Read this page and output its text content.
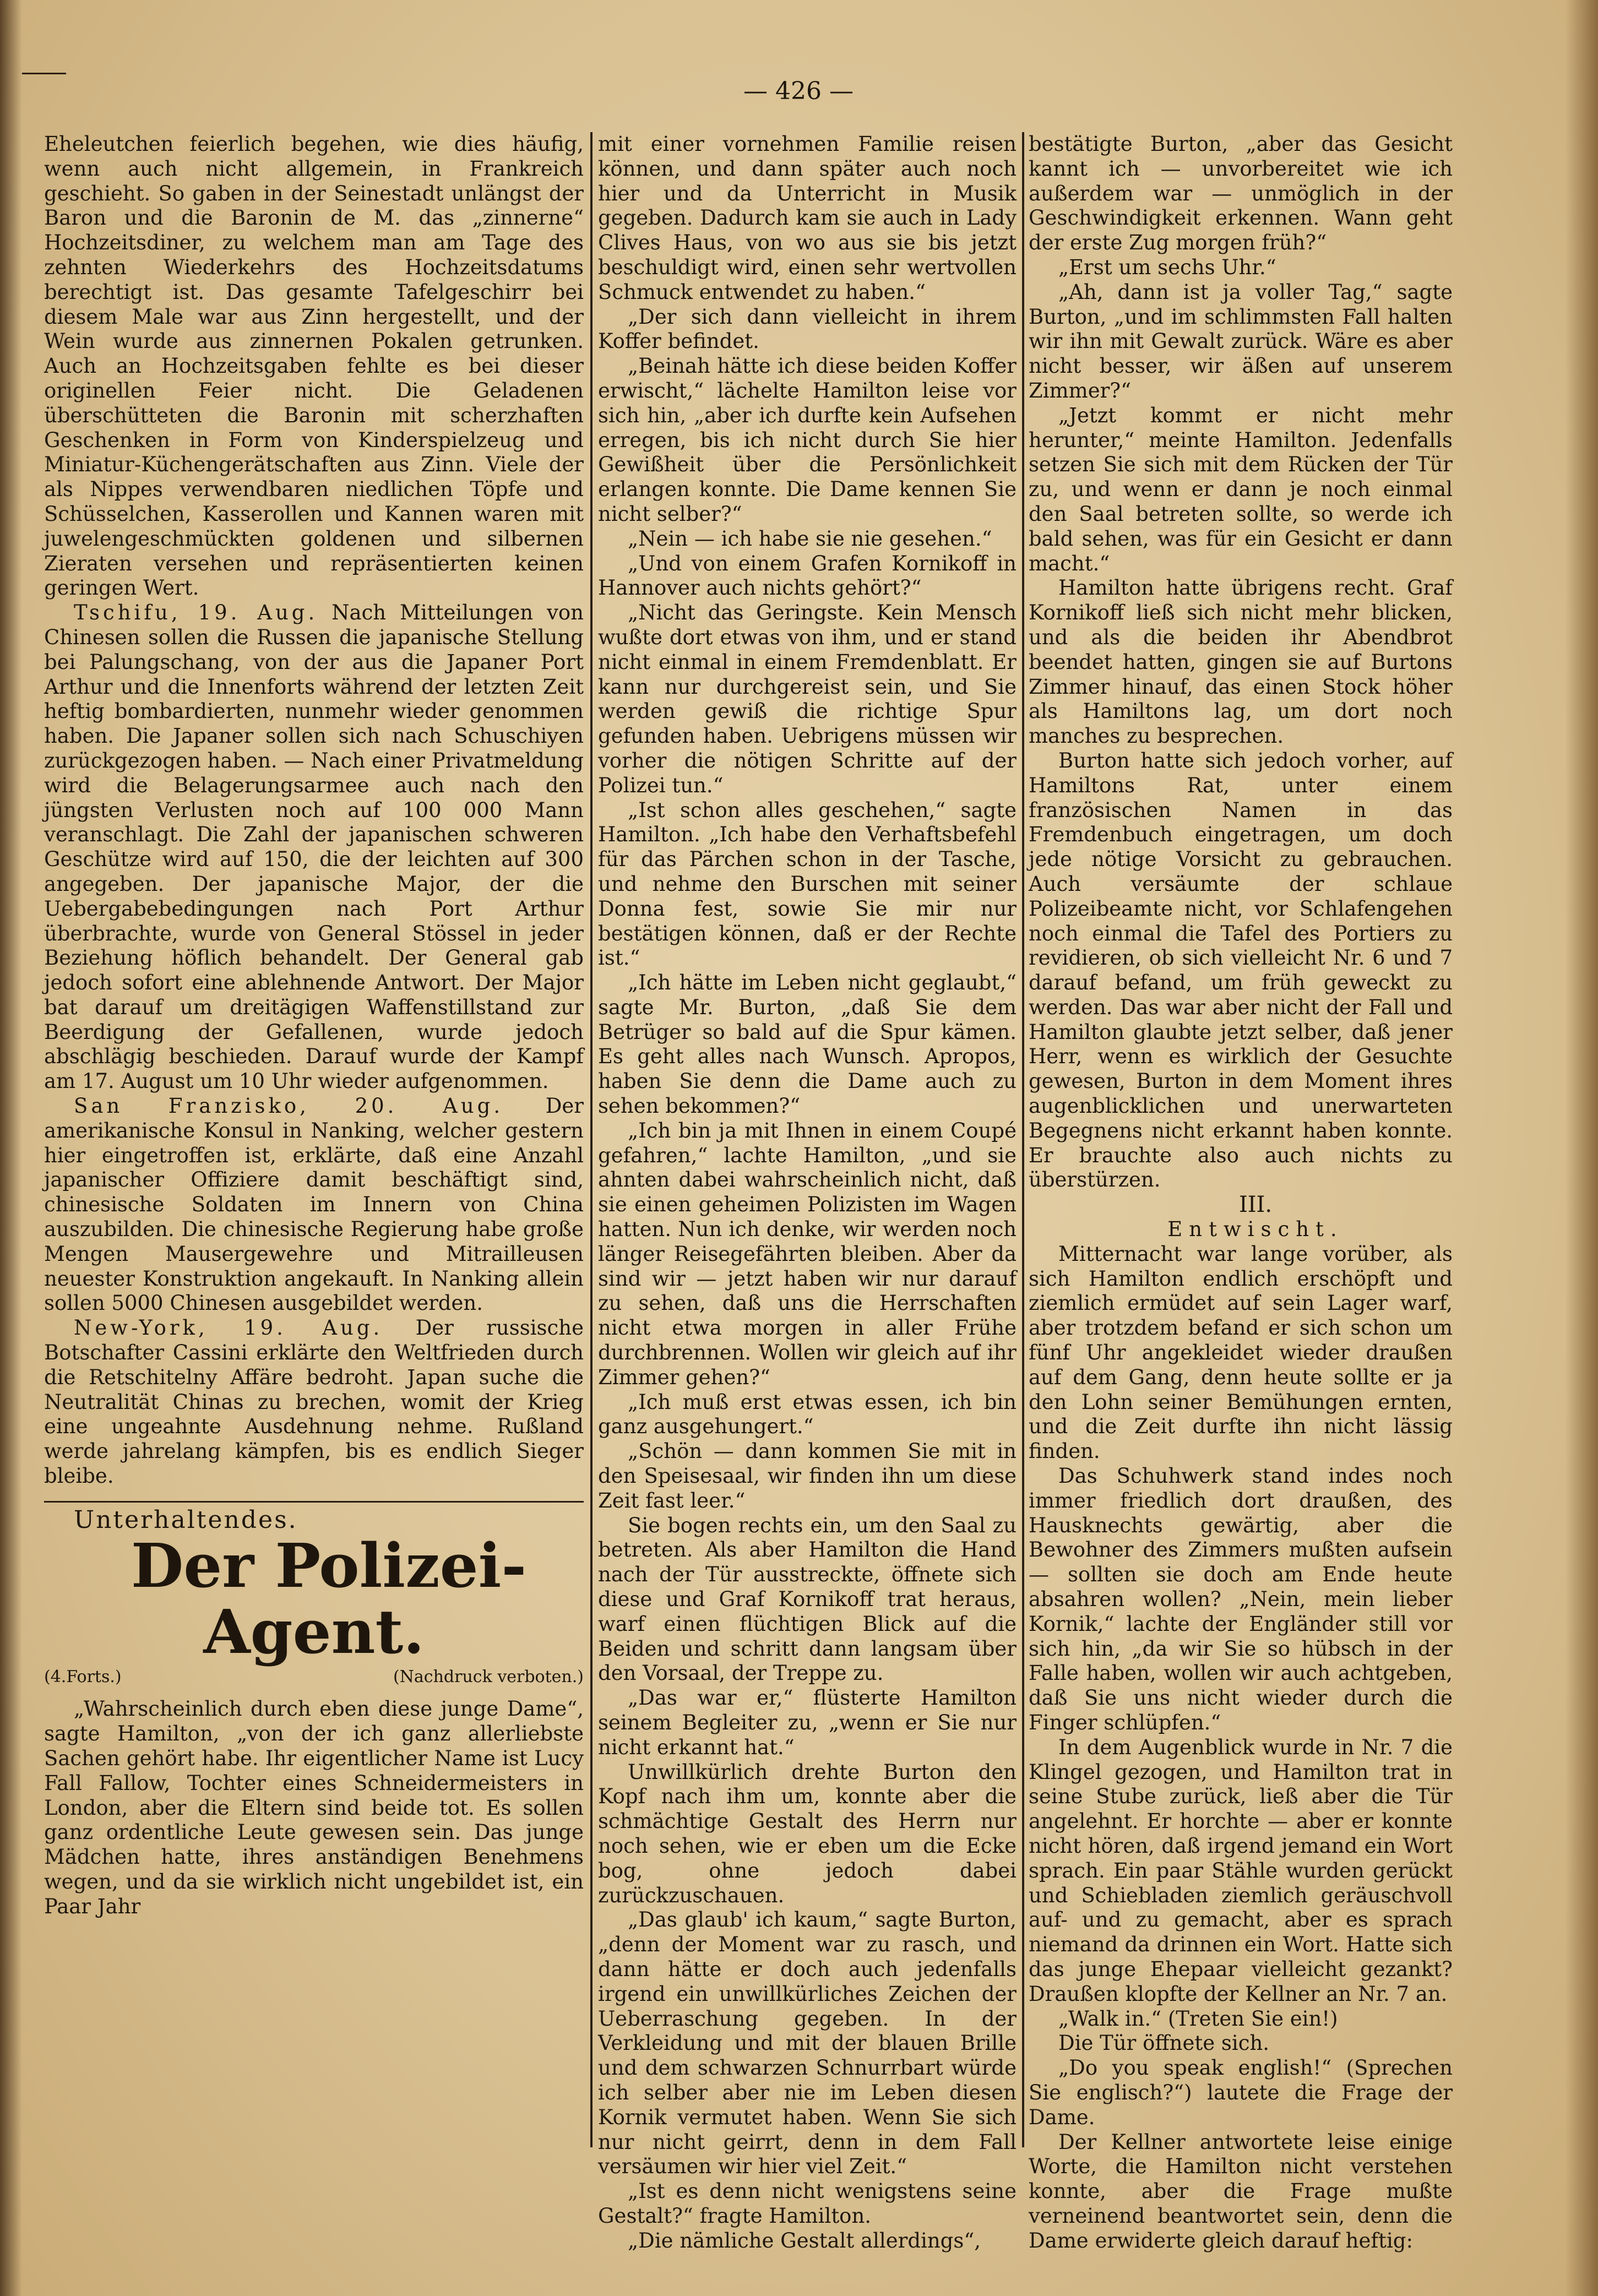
— 426 —

Eheleutchen feierlich begehen, wie dies häufig, wenn auch nicht allgemein, in Frankreich geschieht. So gaben in der Seinestadt unlängst der Baron und die Baronin de M. das „zinnerne“ Hochzeitsdiner, zu welchem man am Tage des zehnten Wiederkehrs des Hochzeitsdatums berechtigt ist. Das gesamte Tafelgeschirr bei diesem Male war aus Zinn hergestellt, und der Wein wurde aus zinnernen Pokalen getrunken. Auch an Hochzeitsgaben fehlte es bei dieser originellen Feier nicht. Die Geladenen überschütteten die Baronin mit scherzhaften Geschenken in Form von Kinderspielzeug und Miniatur-Küchengerätschaften aus Zinn. Viele der als Nippes verwendbaren niedlichen Töpfe und Schüsselchen, Kasserollen und Kannen waren mit juwelengeschmückten goldenen und silbernen Zieraten versehen und repräsentierten keinen geringen Wert.

Tschifu, 19. Aug. Nach Mitteilungen von Chinesen sollen die Russen die japanische Stellung bei Palungschang, von der aus die Japaner Port Arthur und die Innenforts während der letzten Zeit heftig bombardierten, nunmehr wieder genommen haben. Die Japaner sollen sich nach Schuschiyen zurückgezogen haben. — Nach einer Privatmeldung wird die Belagerungsarmee auch nach den jüngsten Verlusten noch auf 100 000 Mann veranschlagt. Die Zahl der japanischen schweren Geschütze wird auf 150, die der leichten auf 300 angegeben. Der japanische Major, der die Uebergabebedingungen nach Port Arthur überbrachte, wurde von General Stössel in jeder Beziehung höflich behandelt. Der General gab jedoch sofort eine ablehnende Antwort. Der Major bat darauf um dreitägigen Waffenstillstand zur Beerdigung der Gefallenen, wurde jedoch abschlägig beschieden. Darauf wurde der Kampf am 17. August um 10 Uhr wieder aufgenommen.

San Franzisko, 20. Aug. Der amerikanische Konsul in Nanking, welcher gestern hier eingetroffen ist, erklärte, daß eine Anzahl japanischer Offiziere damit beschäftigt sind, chinesische Soldaten im Innern von China auszubilden. Die chinesische Regierung habe große Mengen Mausergewehre und Mitrailleusen neuester Konstruktion angekauft. In Nanking allein sollen 5000 Chinesen ausgebildet werden.

New-York, 19. Aug. Der russische Botschafter Cassini erklärte den Weltfrieden durch die Retschitelny Affäre bedroht. Japan suche die Neutralität Chinas zu brechen, womit der Krieg eine ungeahnte Ausdehnung nehme. Rußland werde jahrelang kämpfen, bis es endlich Sieger bleibe.

Unterhaltendes.

Der Polizei-Agent.

(4.Forts.)	(Nachdruck verboten.)

„Wahrscheinlich durch eben diese junge Dame“, sagte Hamilton, „von der ich ganz allerliebste Sachen gehört habe. Ihr eigentlicher Name ist Lucy Fall Fallow, Tochter eines Schneidermeisters in London, aber die Eltern sind beide tot. Es sollen ganz ordentliche Leute gewesen sein. Das junge Mädchen hatte, ihres anständigen Benehmens wegen, und da sie wirklich nicht ungebildet ist, ein Paar Jahr

mit einer vornehmen Familie reisen können, und dann später auch noch hier und da Unterricht in Musik gegeben. Dadurch kam sie auch in Lady Clives Haus, von wo aus sie bis jetzt beschuldigt wird, einen sehr wertvollen Schmuck entwendet zu haben.“

„Der sich dann vielleicht in ihrem Koffer befindet.

„Beinah hätte ich diese beiden Koffer erwischt,“ lächelte Hamilton leise vor sich hin, „aber ich durfte kein Aufsehen erregen, bis ich nicht durch Sie hier Gewißheit über die Persönlichkeit erlangen konnte. Die Dame kennen Sie nicht selber?“

„Nein — ich habe sie nie gesehen.“

„Und von einem Grafen Kornikoff in Hannover auch nichts gehört?“

„Nicht das Geringste. Kein Mensch wußte dort etwas von ihm, und er stand nicht einmal in einem Fremdenblatt. Er kann nur durchgereist sein, und Sie werden gewiß die richtige Spur gefunden haben. Uebrigens müssen wir vorher die nötigen Schritte auf der Polizei tun.“

„Ist schon alles geschehen,“ sagte Hamilton. „Ich habe den Verhaftsbefehl für das Pärchen schon in der Tasche, und nehme den Burschen mit seiner Donna fest, sowie Sie mir nur bestätigen können, daß er der Rechte ist.“

„Ich hätte im Leben nicht geglaubt,“ sagte Mr. Burton, „daß Sie dem Betrüger so bald auf die Spur kämen. Es geht alles nach Wunsch. Apropos, haben Sie denn die Dame auch zu sehen bekommen?“

„Ich bin ja mit Ihnen in einem Coupé gefahren,“ lachte Hamilton, „und sie ahnten dabei wahrscheinlich nicht, daß sie einen geheimen Polizisten im Wagen hatten. Nun ich denke, wir werden noch länger Reisegefährten bleiben. Aber da sind wir — jetzt haben wir nur darauf zu sehen, daß uns die Herrschaften nicht etwa morgen in aller Frühe durchbrennen. Wollen wir gleich auf ihr Zimmer gehen?“

„Ich muß erst etwas essen, ich bin ganz ausgehungert.“

„Schön — dann kommen Sie mit in den Speisesaal, wir finden ihn um diese Zeit fast leer.“

Sie bogen rechts ein, um den Saal zu betreten. Als aber Hamilton die Hand nach der Tür ausstreckte, öffnete sich diese und Graf Kornikoff trat heraus, warf einen flüchtigen Blick auf die Beiden und schritt dann langsam über den Vorsaal, der Treppe zu.

„Das war er,“ flüsterte Hamilton seinem Begleiter zu, „wenn er Sie nur nicht erkannt hat.“

Unwillkürlich drehte Burton den Kopf nach ihm um, konnte aber die schmächtige Gestalt des Herrn nur noch sehen, wie er eben um die Ecke bog, ohne jedoch dabei zurückzuschauen.

„Das glaub' ich kaum,“ sagte Burton, „denn der Moment war zu rasch, und dann hätte er doch auch jedenfalls irgend ein unwillkürliches Zeichen der Ueberraschung gegeben. In der Verkleidung und mit der blauen Brille und dem schwarzen Schnurrbart würde ich selber aber nie im Leben diesen Kornik vermutet haben. Wenn Sie sich nur nicht geirrt, denn in dem Fall versäumen wir hier viel Zeit.“

„Ist es denn nicht wenigstens seine Gestalt?“ fragte Hamilton.

„Die nämliche Gestalt allerdings“,

bestätigte Burton, „aber das Gesicht kannt ich — unvorbereitet wie ich außerdem war — unmöglich in der Geschwindigkeit erkennen. Wann geht der erste Zug morgen früh?“

„Erst um sechs Uhr.“

„Ah, dann ist ja voller Tag,“ sagte Burton, „und im schlimmsten Fall halten wir ihn mit Gewalt zurück. Wäre es aber nicht besser, wir äßen auf unserem Zimmer?“

„Jetzt kommt er nicht mehr herunter,“ meinte Hamilton. Jedenfalls setzen Sie sich mit dem Rücken der Tür zu, und wenn er dann je noch einmal den Saal betreten sollte, so werde ich bald sehen, was für ein Gesicht er dann macht.“

Hamilton hatte übrigens recht. Graf Kornikoff ließ sich nicht mehr blicken, und als die beiden ihr Abendbrot beendet hatten, gingen sie auf Burtons Zimmer hinauf, das einen Stock höher als Hamiltons lag, um dort noch manches zu besprechen.

Burton hatte sich jedoch vorher, auf Hamiltons Rat, unter einem französischen Namen in das Fremdenbuch eingetragen, um doch jede nötige Vorsicht zu gebrauchen. Auch versäumte der schlaue Polizeibeamte nicht, vor Schlafengehen noch einmal die Tafel des Portiers zu revidieren, ob sich vielleicht Nr. 6 und 7 darauf befand, um früh geweckt zu werden. Das war aber nicht der Fall und Hamilton glaubte jetzt selber, daß jener Herr, wenn es wirklich der Gesuchte gewesen, Burton in dem Moment ihres augenblicklichen und unerwarteten Begegnens nicht erkannt haben konnte. Er brauchte also auch nichts zu überstürzen.

III.

Entwischt.

Mitternacht war lange vorüber, als sich Hamilton endlich erschöpft und ziemlich ermüdet auf sein Lager warf, aber trotzdem befand er sich schon um fünf Uhr angekleidet wieder draußen auf dem Gang, denn heute sollte er ja den Lohn seiner Bemühungen ernten, und die Zeit durfte ihn nicht lässig finden.

Das Schuhwerk stand indes noch immer friedlich dort draußen, des Hausknechts gewärtig, aber die Bewohner des Zimmers mußten aufsein — sollten sie doch am Ende heute absahren wollen? „Nein, mein lieber Kornik,“ lachte der Engländer still vor sich hin, „da wir Sie so hübsch in der Falle haben, wollen wir auch achtgeben, daß Sie uns nicht wieder durch die Finger schlüpfen.“

In dem Augenblick wurde in Nr. 7 die Klingel gezogen, und Hamilton trat in seine Stube zurück, ließ aber die Tür angelehnt. Er horchte — aber er konnte nicht hören, daß irgend jemand ein Wort sprach. Ein paar Stähle wurden gerückt und Schiebladen ziemlich geräuschvoll auf- und zu gemacht, aber es sprach niemand da drinnen ein Wort. Hatte sich das junge Ehepaar vielleicht gezankt? Draußen klopfte der Kellner an Nr. 7 an.

„Walk in.“ (Treten Sie ein!)

Die Tür öffnete sich.

„Do you speak english!“ (Sprechen Sie englisch?“) lautete die Frage der Dame.

Der Kellner antwortete leise einige Worte, die Hamilton nicht verstehen konnte, aber die Frage mußte verneinend beantwortet sein, denn die Dame erwiderte gleich darauf heftig:
